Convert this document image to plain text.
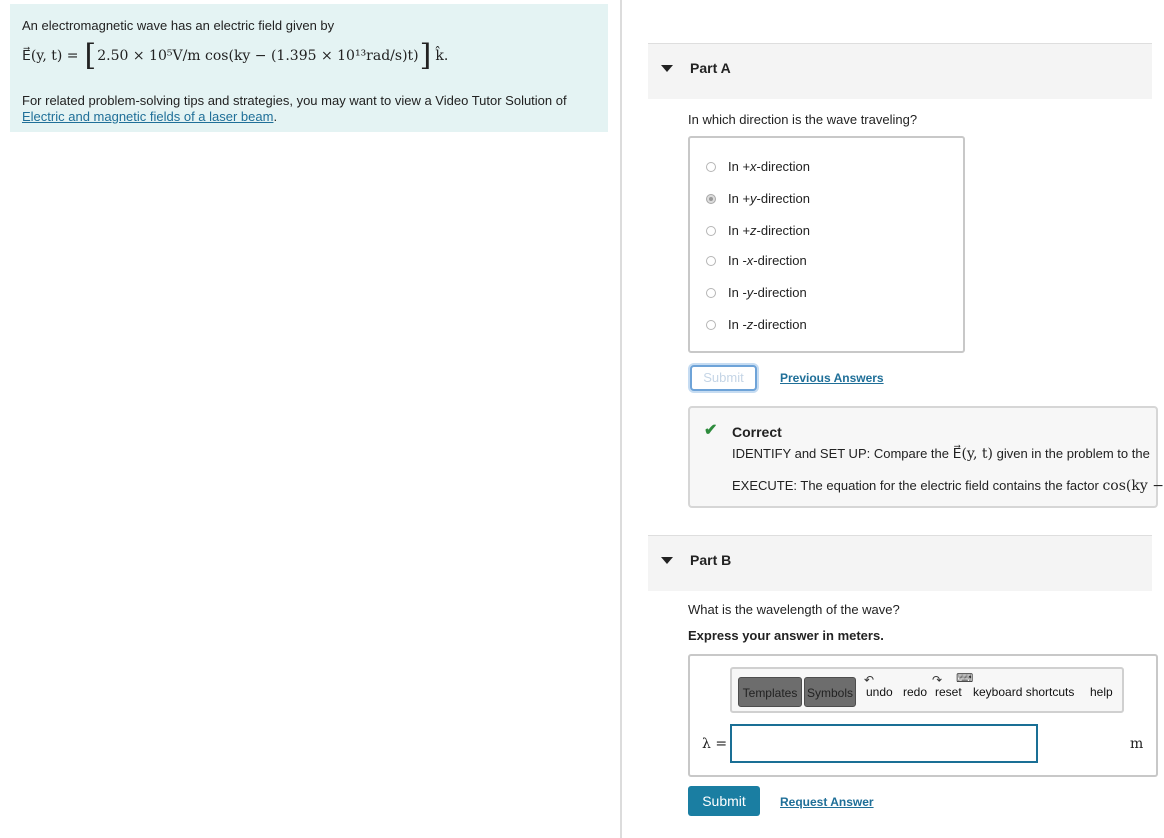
An electromagnetic wave has an electric field given by
E⃗(y, t) = [ 2.50 × 10⁵V/m cos(ky − (1.395 × 10¹³rad/s)t) ] k̂.
For related problem-solving tips and strategies, you may want to view a Video Tutor Solution of
Electric and magnetic fields of a laser beam.
Part A
In which direction is the wave traveling?
In +x-direction
In +y-direction
In +z-direction
In -x-direction
In -y-direction
In -z-direction
Submit	Previous Answers
✔ Correct
IDENTIFY and SET UP: Compare the E⃗(y, t) given in the problem to the
EXECUTE: The equation for the electric field contains the factor cos(ky −
Part B
What is the wavelength of the wave?
Express your answer in meters.
Templates Symbols
↶
undo
↷
redo
⌨
reset keyboard shortcuts help
λ =	m
Submit	Request Answer
